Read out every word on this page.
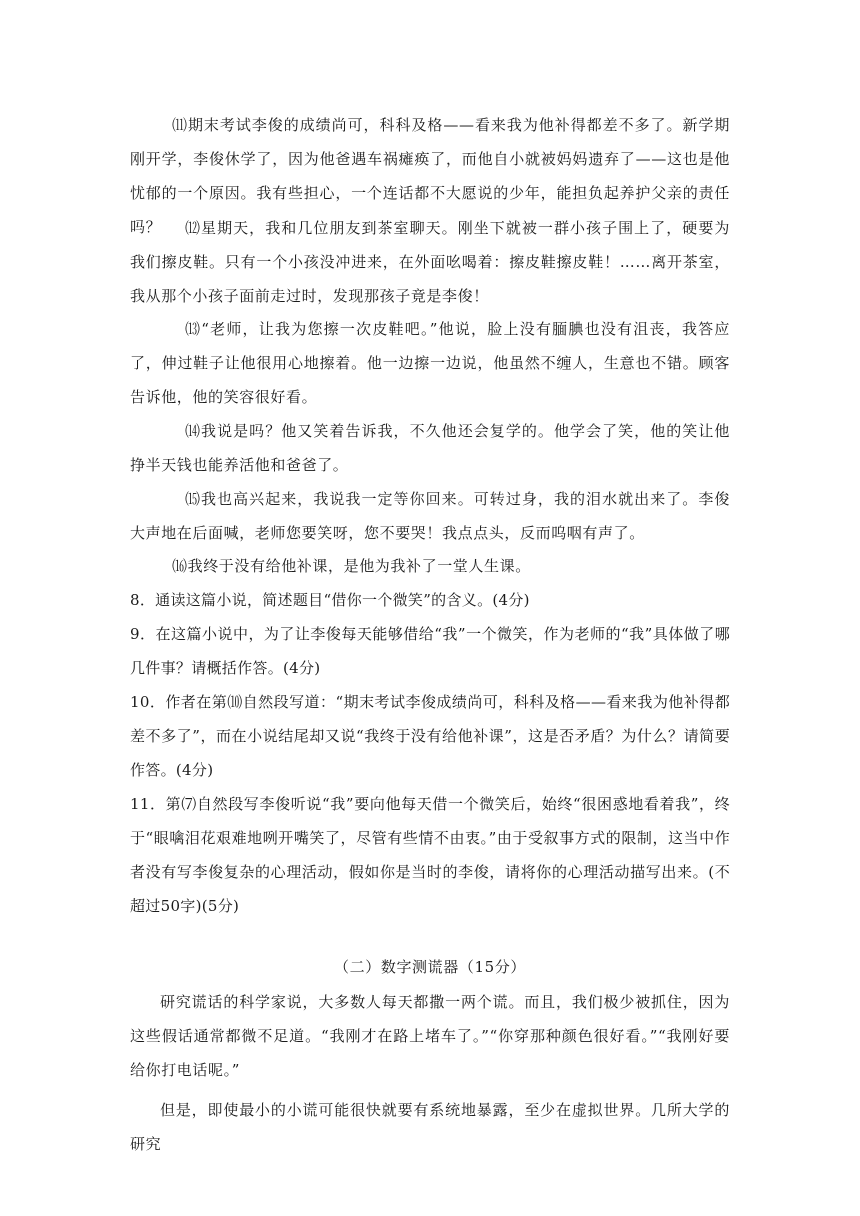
⑾期末考试李俊的成绩尚可，科科及格——看来我为他补得都差不多了。新学期刚开学，李俊休学了，因为他爸遇车祸瘫痪了，而他自小就被妈妈遗弃了——这也是他忧郁的一个原因。我有些担心，一个连话都不大愿说的少年，能担负起养护父亲的责任吗？	⑿星期天，我和几位朋友到茶室聊天。刚坐下就被一群小孩子围上了，硬要为我们擦皮鞋。只有一个小孩没冲进来，在外面吆喝着：擦皮鞋擦皮鞋！……离开茶室，我从那个小孩子面前走过时，发现那孩子竟是李俊！

⒀“老师，让我为您擦一次皮鞋吧。”他说，脸上没有腼腆也没有沮丧，我答应了，伸过鞋子让他很用心地擦着。他一边擦一边说，他虽然不缠人，生意也不错。顾客告诉他，他的笑容很好看。

⒁我说是吗？他又笑着告诉我，不久他还会复学的。他学会了笑，他的笑让他挣半天钱也能养活他和爸爸了。

⒂我也高兴起来，我说我一定等你回来。可转过身，我的泪水就出来了。李俊大声地在后面喊，老师您要笑呀，您不要哭！我点点头，反而呜咽有声了。

⒃我终于没有给他补课，是他为我补了一堂人生课。

8．通读这篇小说，简述题目“借你一个微笑”的含义。(4分)

9．在这篇小说中，为了让李俊每天能够借给“我”一个微笑，作为老师的“我”具体做了哪几件事？请概括作答。(4分)

10．作者在第⑽自然段写道：“期末考试李俊成绩尚可，科科及格——看来我为他补得都差不多了”，而在小说结尾却又说“我终于没有给他补课”，这是否矛盾？为什么？请简要作答。(4分)

11．第⑺自然段写李俊听说“我”要向他每天借一个微笑后，始终“很困惑地看着我”，终于“眼噙泪花艰难地咧开嘴笑了，尽管有些情不由衷。”由于受叙事方式的限制，这当中作者没有写李俊复杂的心理活动，假如你是当时的李俊，请将你的心理活动描写出来。(不超过50字)(5分)

（二）数字测谎器（15分）

研究谎话的科学家说，大多数人每天都撒一两个谎。而且，我们极少被抓住，因为这些假话通常都微不足道。“我刚才在路上堵车了。”“你穿那种颜色很好看。”“我刚好要给你打电话呢。”

但是，即使最小的小谎可能很快就要有系统地暴露，至少在虚拟世界。几所大学的研究
